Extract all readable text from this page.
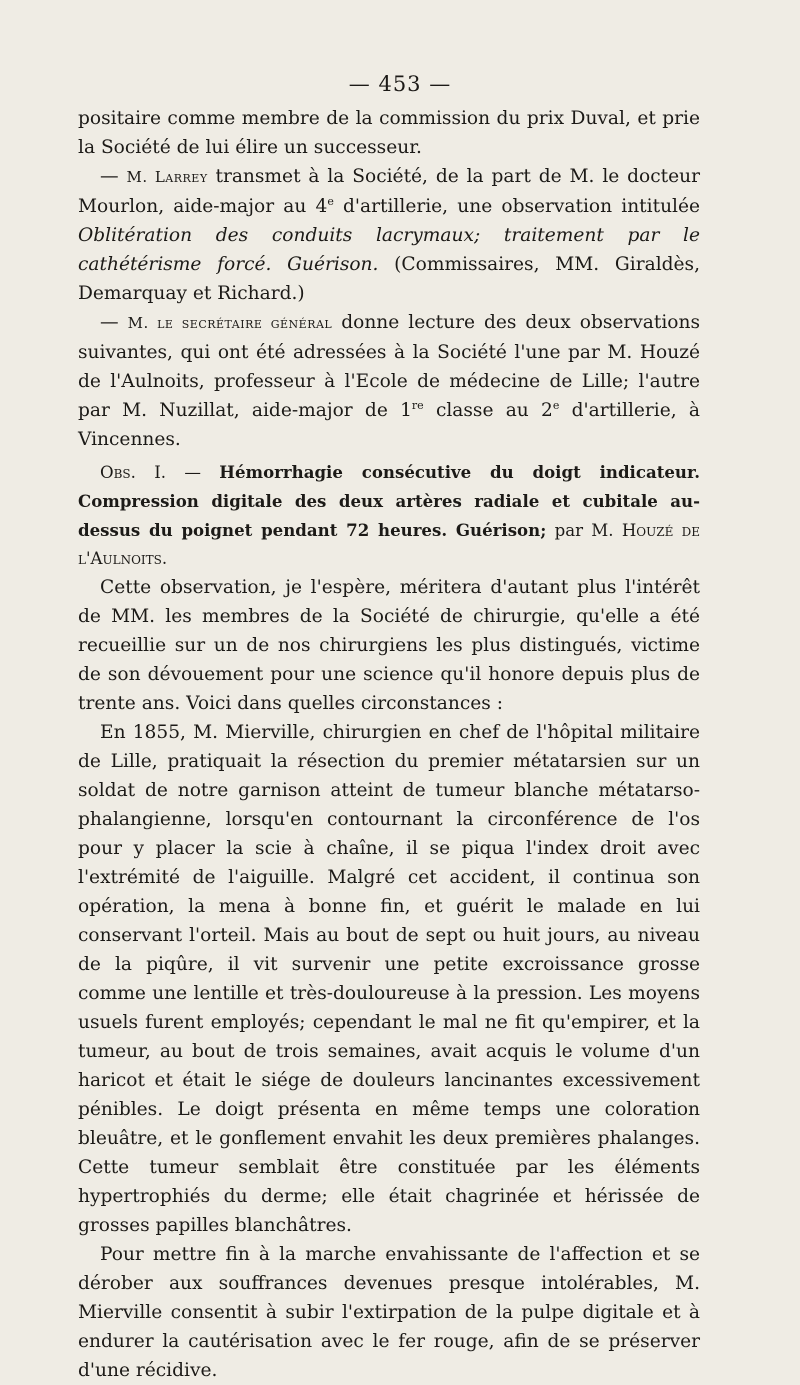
— 453 —

positaire comme membre de la commission du prix Duval, et prie la Société de lui élire un successeur.

— M. Larrey transmet à la Société, de la part de M. le docteur Mourlon, aide-major au 4e d'artillerie, une observation intitulée Oblitération des conduits lacrymaux; traitement par le cathétérisme forcé. Guérison. (Commissaires, MM. Giraldès, Demarquay et Richard.)

— M. le secrétaire général donne lecture des deux observations suivantes, qui ont été adressées à la Société l'une par M. Houzé de l'Aulnoits, professeur à l'Ecole de médecine de Lille; l'autre par M. Nuzillat, aide-major de 1re classe au 2e d'artillerie, à Vincennes.

Obs. I. — Hémorrhagie consécutive du doigt indicateur. Compression digitale des deux artères radiale et cubitale au-dessus du poignet pendant 72 heures. Guérison; par M. Houzé de l'Aulnoits.

Cette observation, je l'espère, méritera d'autant plus l'intérêt de MM. les membres de la Société de chirurgie, qu'elle a été recueillie sur un de nos chirurgiens les plus distingués, victime de son dévouement pour une science qu'il honore depuis plus de trente ans. Voici dans quelles circonstances :

En 1855, M. Mierville, chirurgien en chef de l'hôpital militaire de Lille, pratiquait la résection du premier métatarsien sur un soldat de notre garnison atteint de tumeur blanche métatarso-phalangienne, lorsqu'en contournant la circonférence de l'os pour y placer la scie à chaîne, il se piqua l'index droit avec l'extrémité de l'aiguille. Malgré cet accident, il continua son opération, la mena à bonne fin, et guérit le malade en lui conservant l'orteil. Mais au bout de sept ou huit jours, au niveau de la piqûre, il vit survenir une petite excroissance grosse comme une lentille et très-douloureuse à la pression. Les moyens usuels furent employés; cependant le mal ne fit qu'empirer, et la tumeur, au bout de trois semaines, avait acquis le volume d'un haricot et était le siége de douleurs lancinantes excessivement pénibles. Le doigt présenta en même temps une coloration bleuâtre, et le gonflement envahit les deux premières phalanges. Cette tumeur semblait être constituée par les éléments hypertrophiés du derme; elle était chagrinée et hérissée de grosses papilles blanchâtres.

Pour mettre fin à la marche envahissante de l'affection et se dérober aux souffrances devenues presque intolérables, M. Mierville consentit à subir l'extirpation de la pulpe digitale et à endurer la cautérisation avec le fer rouge, afin de se préserver d'une récidive.
